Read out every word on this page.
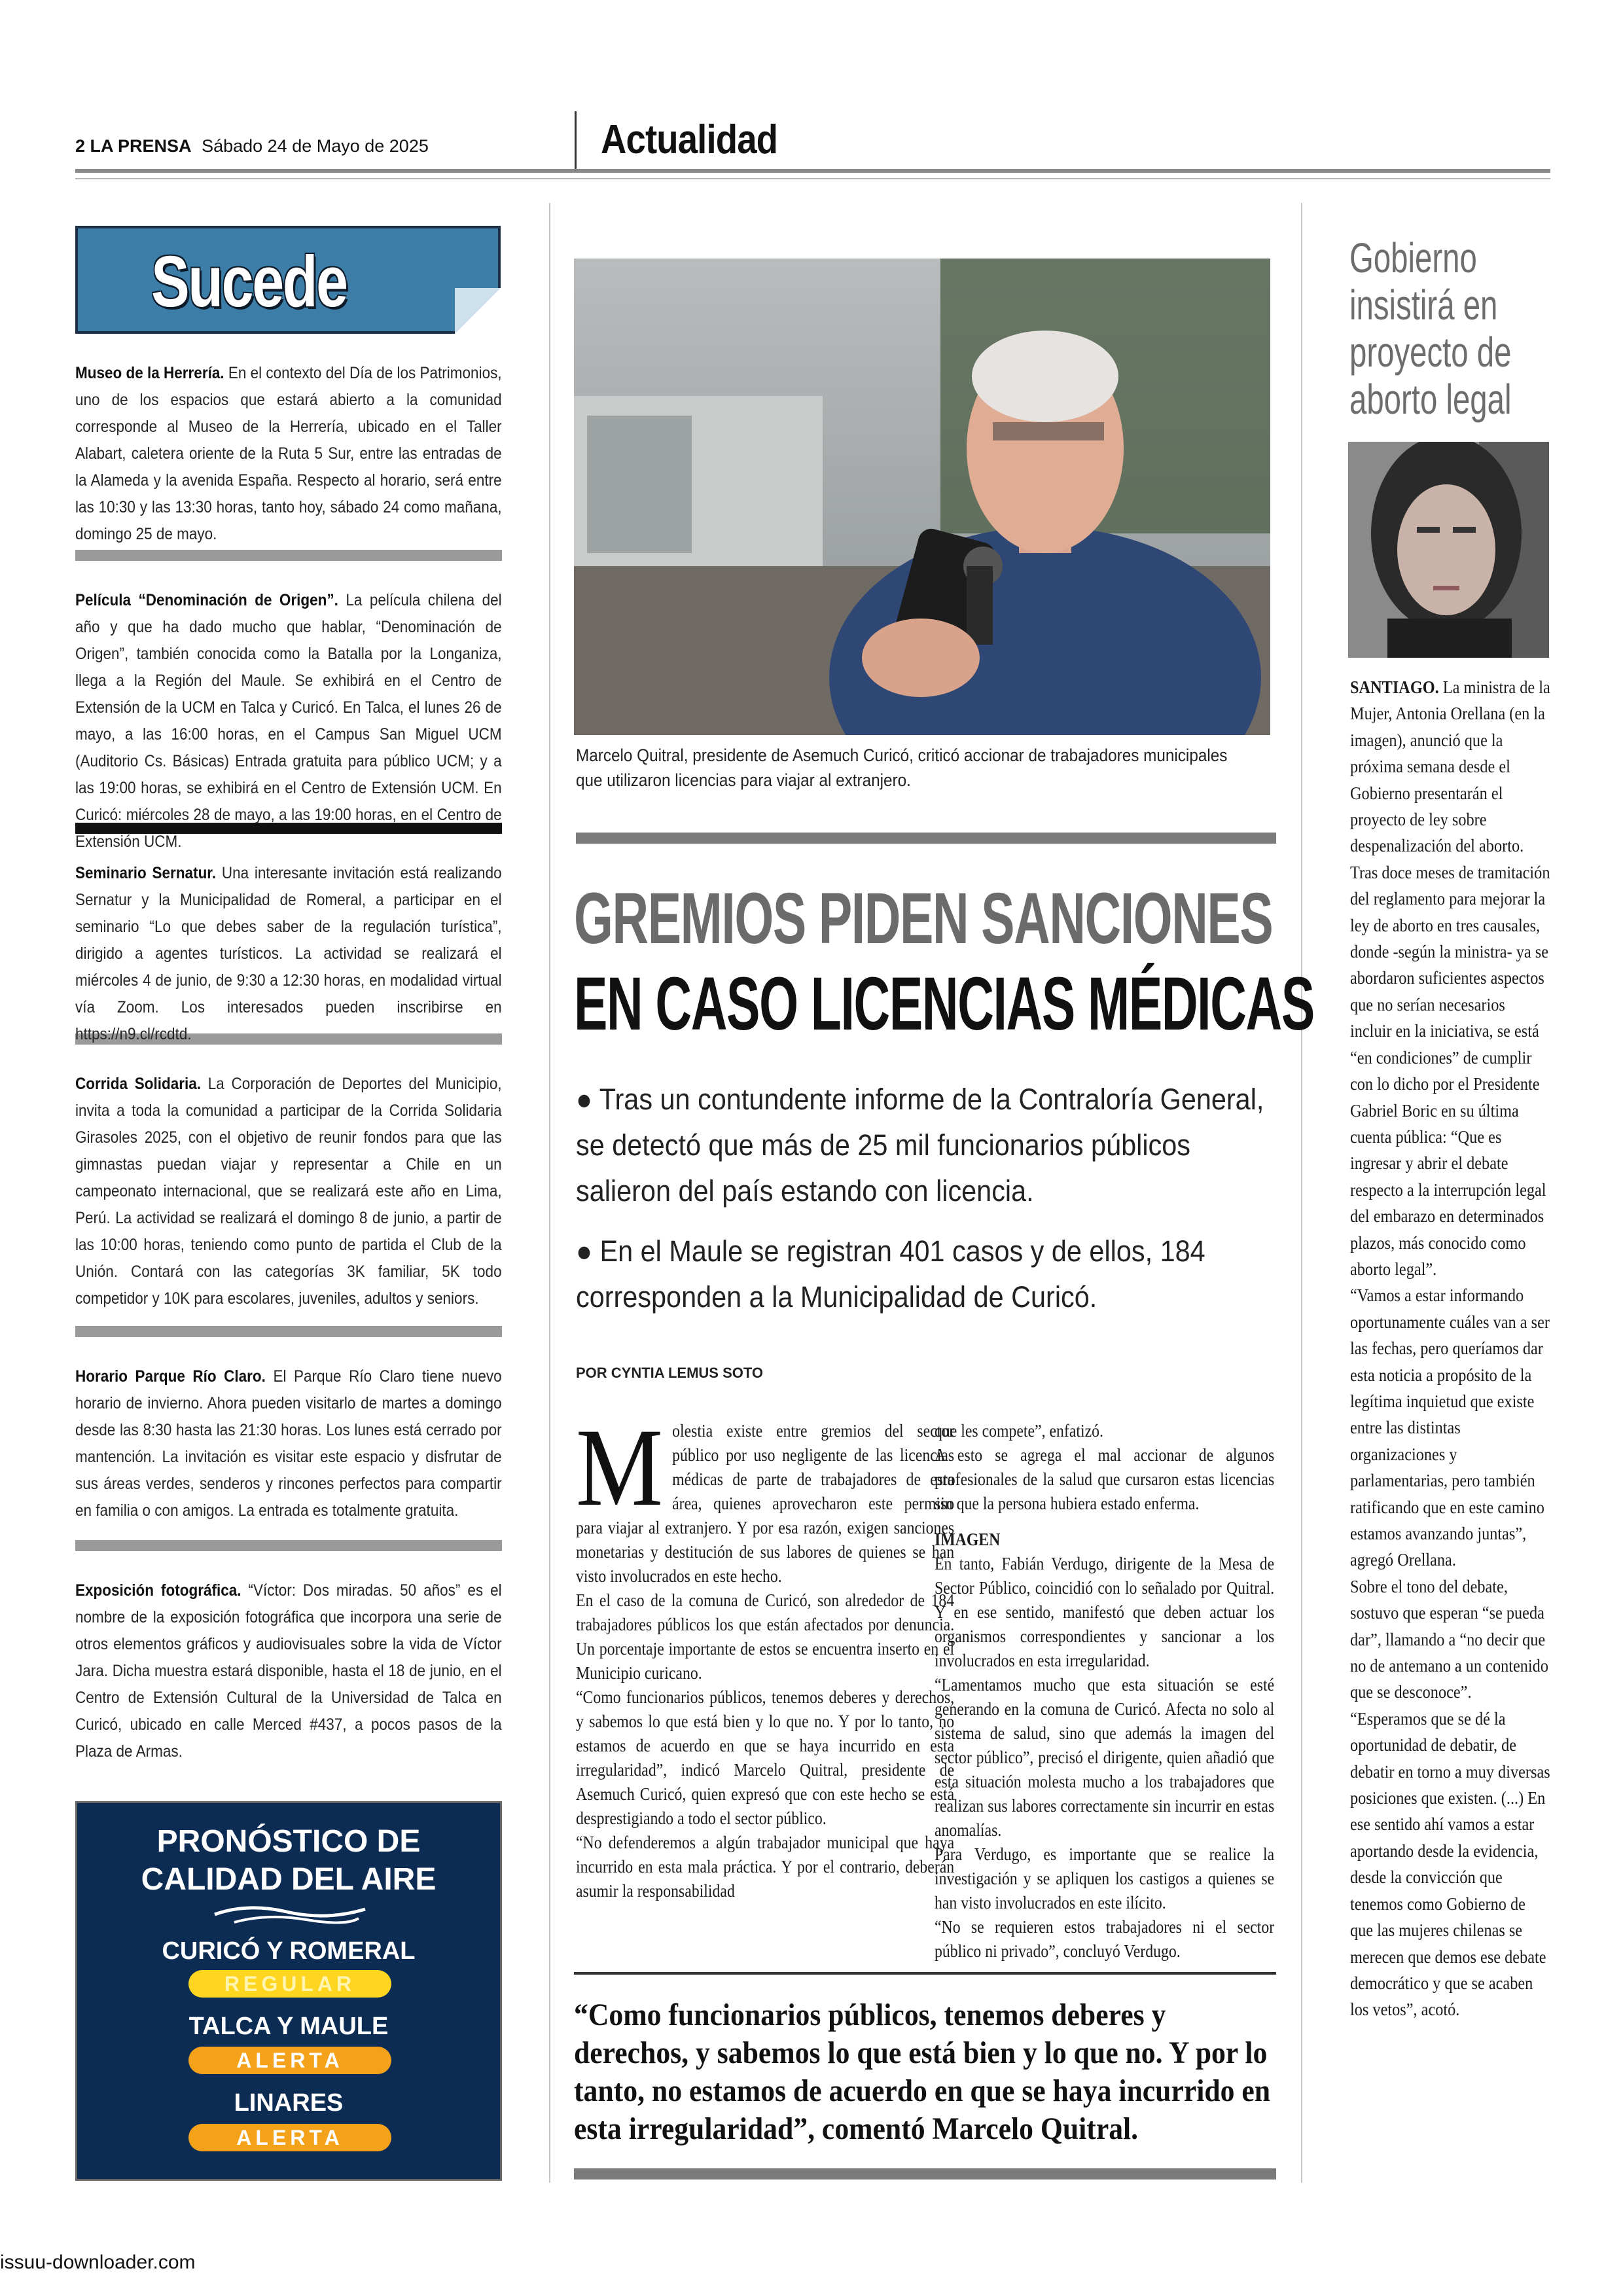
2 LA PRENSA Sábado 24 de Mayo de 2025	Actualidad
Sucede
Museo de la Herrería. En el contexto del Día de los Patrimonios, uno de los espacios que estará abierto a la comunidad corresponde al Museo de la Herrería, ubicado en el Taller Alabart, caletera oriente de la Ruta 5 Sur, entre las entradas de la Alameda y la avenida España. Respecto al horario, será entre las 10:30 y las 13:30 horas, tanto hoy, sábado 24 como mañana, domingo 25 de mayo.
Película “Denominación de Origen”. La película chilena del año y que ha dado mucho que hablar, “Denominación de Origen”, también conocida como la Batalla por la Longaniza, llega a la Región del Maule. Se exhibirá en el Centro de Extensión de la UCM en Talca y Curicó. En Talca, el lunes 26 de mayo, a las 16:00 horas, en el Campus San Miguel UCM (Auditorio Cs. Básicas) Entrada gratuita para público UCM; y a las 19:00 horas, se exhibirá en el Centro de Extensión UCM. En Curicó: miércoles 28 de mayo, a las 19:00 horas, en el Centro de Extensión UCM.
Seminario Sernatur. Una interesante invitación está realizando Sernatur y la Municipalidad de Romeral, a participar en el seminario “Lo que debes saber de la regulación turística”, dirigido a agentes turísticos. La actividad se realizará el miércoles 4 de junio, de 9:30 a 12:30 horas, en modalidad virtual vía Zoom. Los interesados pueden inscribirse en https://n9.cl/rcdtd.
Corrida Solidaria. La Corporación de Deportes del Municipio, invita a toda la comunidad a participar de la Corrida Solidaria Girasoles 2025, con el objetivo de reunir fondos para que las gimnastas puedan viajar y representar a Chile en un campeonato internacional, que se realizará este año en Lima, Perú. La actividad se realizará el domingo 8 de junio, a partir de las 10:00 horas, teniendo como punto de partida el Club de la Unión. Contará con las categorías 3K familiar, 5K todo competidor y 10K para escolares, juveniles, adultos y seniors.
Horario Parque Río Claro. El Parque Río Claro tiene nuevo horario de invierno. Ahora pueden visitarlo de martes a domingo desde las 8:30 hasta las 21:30 horas. Los lunes está cerrado por mantención. La invitación es visitar este espacio y disfrutar de sus áreas verdes, senderos y rincones perfectos para compartir en familia o con amigos. La entrada es totalmente gratuita.
Exposición fotográfica. “Víctor: Dos miradas. 50 años” es el nombre de la exposición fotográfica que incorpora una serie de otros elementos gráficos y audiovisuales sobre la vida de Víctor Jara. Dicha muestra estará disponible, hasta el 18 de junio, en el Centro de Extensión Cultural de la Universidad de Talca en Curicó, ubicado en calle Merced #437, a pocos pasos de la Plaza de Armas.
PRONÓSTICO DE
CALIDAD DEL AIRE
CURICÓ Y ROMERAL
REGULAR
TALCA Y MAULE
ALERTA
LINARES
ALERTA
Marcelo Quitral, presidente de Asemuch Curicó, criticó accionar de trabajadores municipales que utilizaron licencias para viajar al extranjero.
GREMIOS PIDEN SANCIONES
EN CASO LICENCIAS MÉDICAS
● Tras un contundente informe de la Contraloría General, se detectó que más de 25 mil funcionarios públicos salieron del país estando con licencia.
● En el Maule se registran 401 casos y de ellos, 184 corresponden a la Municipalidad de Curicó.
POR CYNTIA LEMUS SOTO

Molestia existe entre gremios del sector público por uso negligente de las licencias médicas de parte de trabajadores de esta área, quienes aprovecharon este permiso para viajar al extranjero. Y por esa razón, exigen sanciones monetarias y destitución de sus labores de quienes se han visto involucrados en este hecho.

En el caso de la comuna de Curicó, son alrededor de 184 trabajadores públicos los que están afectados por denuncia. Un porcentaje importante de estos se encuentra inserto en el Municipio curicano.

“Como funcionarios públicos, tenemos deberes y derechos, y sabemos lo que está bien y lo que no. Y por lo tanto, no estamos de acuerdo en que se haya incurrido en esta irregularidad”, indicó Marcelo Quitral, presidente de Asemuch Curicó, quien expresó que con este hecho se está desprestigiando a todo el sector público.

“No defenderemos a algún trabajador municipal que haya incurrido en esta mala práctica. Y por el contrario, deberán asumir la responsabilidad

que les compete”, enfatizó.

A esto se agrega el mal accionar de algunos profesionales de la salud que cursaron estas licencias sin que la persona hubiera estado enferma.

IMAGEN

En tanto, Fabián Verdugo, dirigente de la Mesa de Sector Público, coincidió con lo señalado por Quitral. Y en ese sentido, manifestó que deben actuar los organismos correspondientes y sancionar a los involucrados en esta irregularidad.

“Lamentamos mucho que esta situación se esté generando en la comuna de Curicó. Afecta no solo al sistema de salud, sino que además la imagen del sector público”, precisó el dirigente, quien añadió que esta situación molesta mucho a los trabajadores que realizan sus labores correctamente sin incurrir en estas anomalías.

Para Verdugo, es importante que se realice la investigación y se apliquen los castigos a quienes se han visto involucrados en este ilícito.

“No se requieren estos trabajadores ni el sector público ni privado”, concluyó Verdugo.

“Como funcionarios públicos, tenemos deberes y derechos, y sabemos lo que está bien y lo que no. Y por lo tanto, no estamos de acuerdo en que se haya incurrido en esta irregularidad”, comentó Marcelo Quitral.
Gobierno insistirá en proyecto de aborto legal

SANTIAGO. La ministra de la Mujer, Antonia Orellana (en la imagen), anunció que la próxima semana desde el Gobierno presentarán el proyecto de ley sobre despenalización del aborto.

Tras doce meses de tramitación del reglamento para mejorar la ley de aborto en tres causales, donde -según la ministra- ya se abordaron suficientes aspectos que no serían necesarios incluir en la iniciativa, se está “en condiciones” de cumplir con lo dicho por el Presidente Gabriel Boric en su última cuenta pública: “Que es ingresar y abrir el debate respecto a la interrupción legal del embarazo en determinados plazos, más conocido como aborto legal”.

“Vamos a estar informando oportunamente cuáles van a ser las fechas, pero queríamos dar esta noticia a propósito de la legítima inquietud que existe entre las distintas organizaciones y parlamentarias, pero también ratificando que en este camino estamos avanzando juntas”, agregó Orellana.

Sobre el tono del debate, sostuvo que esperan “se pueda dar”, llamando a “no decir que no de antemano a un contenido que se desconoce”.

“Esperamos que se dé la oportunidad de debatir, de debatir en torno a muy diversas posiciones que existen. (...) En ese sentido ahí vamos a estar aportando desde la evidencia, desde la convicción que tenemos como Gobierno de que las mujeres chilenas se merecen que demos ese debate democrático y que se acaben los vetos”, acotó.

issuu-downloader.com
